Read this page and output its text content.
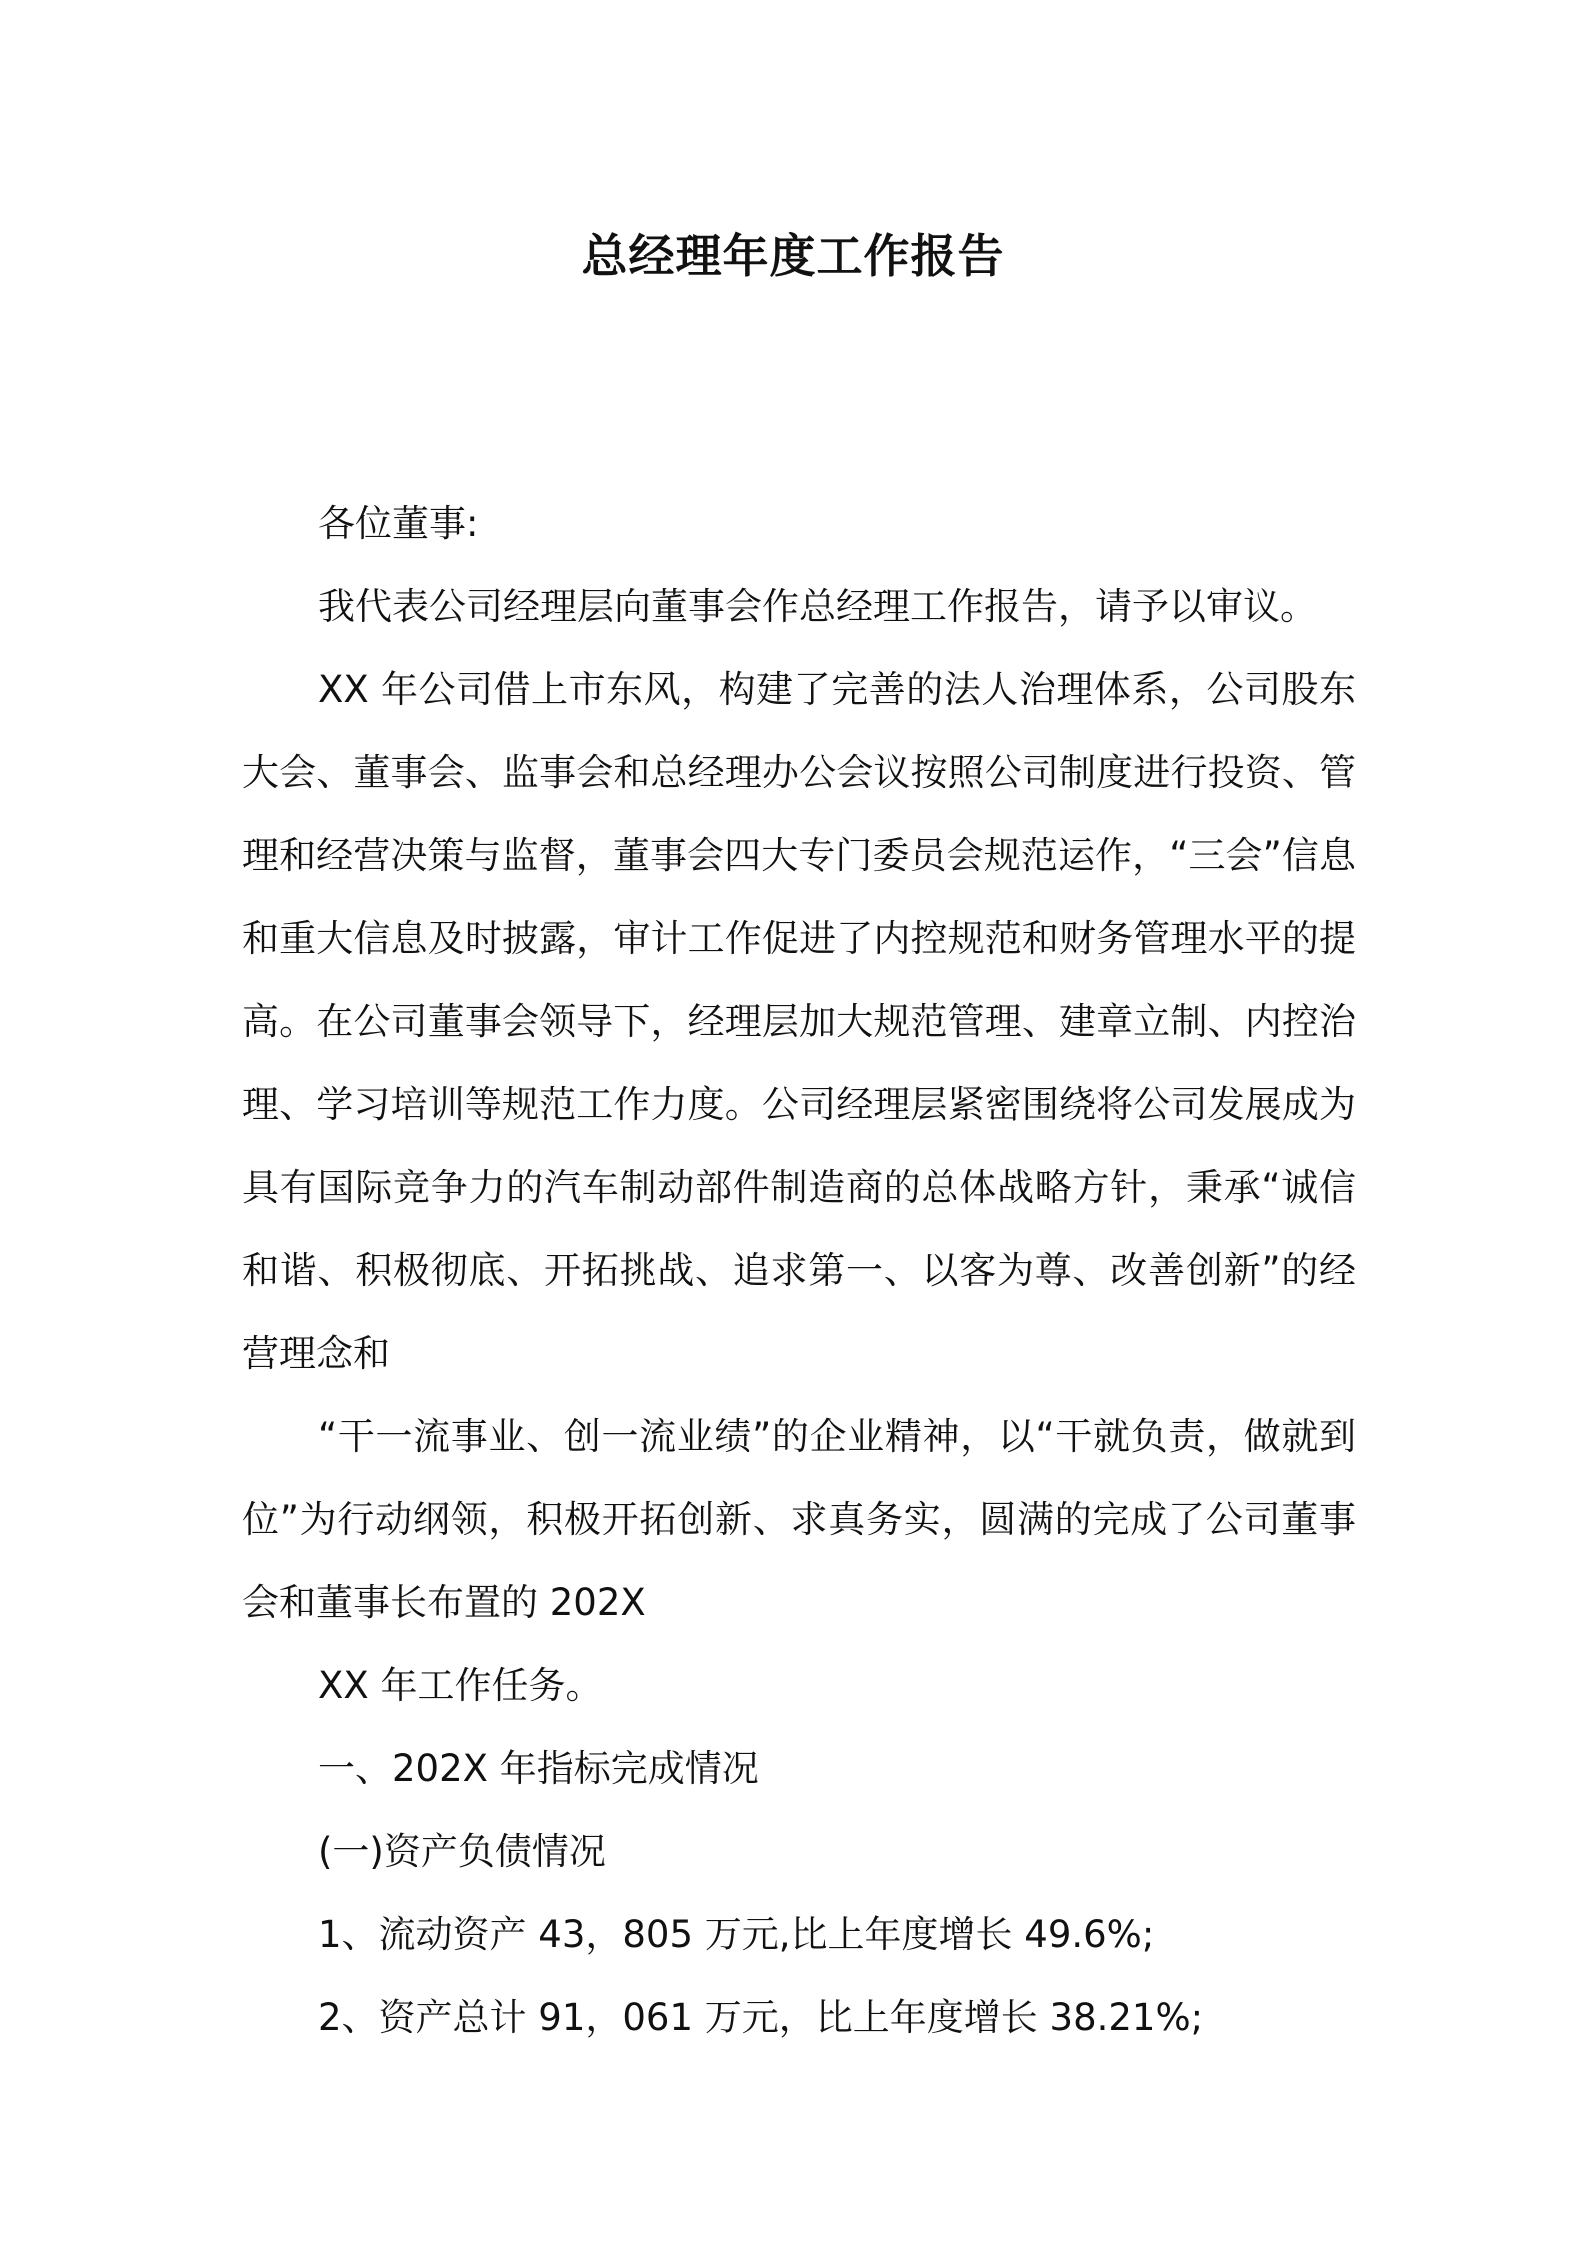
总经理年度工作报告

各位董事:

我代表公司经理层向董事会作总经理工作报告，请予以审议。

XX 年公司借上市东风，构建了完善的法人治理体系，公司股东大会、董事会、监事会和总经理办公会议按照公司制度进行投资、管理和经营决策与监督，董事会四大专门委员会规范运作，“三会”信息和重大信息及时披露，审计工作促进了内控规范和财务管理水平的提高。在公司董事会领导下，经理层加大规范管理、建章立制、内控治理、学习培训等规范工作力度。公司经理层紧密围绕将公司发展成为具有国际竞争力的汽车制动部件制造商的总体战略方针，秉承“诚信和谐、积极彻底、开拓挑战、追求第一、以客为尊、改善创新”的经营理念和

“干一流事业、创一流业绩”的企业精神，以“干就负责，做就到位”为行动纲领，积极开拓创新、求真务实，圆满的完成了公司董事会和董事长布置的 202X

XX 年工作任务。

一、202X 年指标完成情况

(一)资产负债情况

1、流动资产 43，805 万元,比上年度增长 49.6%;

2、资产总计 91，061 万元，比上年度增长 38.21%;
